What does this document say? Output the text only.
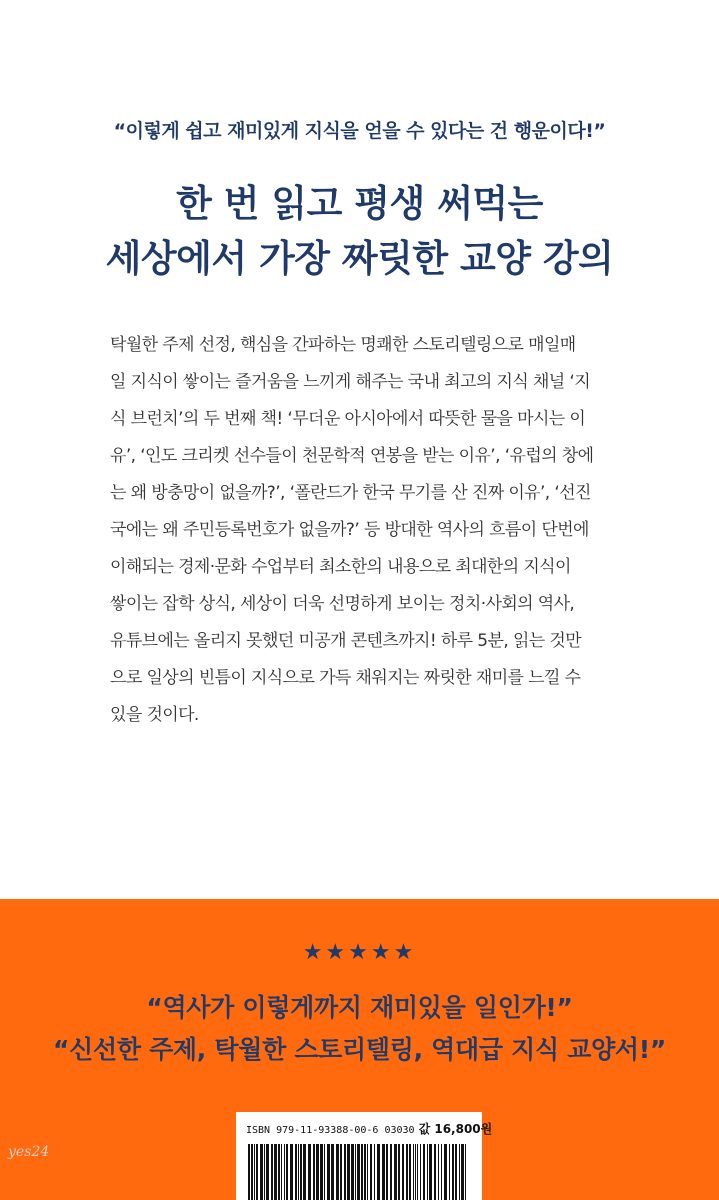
“이렇게 쉽고 재미있게 지식을 얻을 수 있다는 건 행운이다!”
한 번 읽고 평생 써먹는
세상에서 가장 짜릿한 교양 강의
탁월한 주제 선정, 핵심을 간파하는 명쾌한 스토리텔링으로 매일매
일 지식이 쌓이는 즐거움을 느끼게 해주는 국내 최고의 지식 채널 ‘지
식 브런치’의 두 번째 책! ‘무더운 아시아에서 따뜻한 물을 마시는 이
유’, ‘인도 크리켓 선수들이 천문학적 연봉을 받는 이유’, ‘유럽의 창에
는 왜 방충망이 없을까?’, ‘폴란드가 한국 무기를 산 진짜 이유’, ‘선진
국에는 왜 주민등록번호가 없을까?’ 등 방대한 역사의 흐름이 단번에
이해되는 경제·문화 수업부터 최소한의 내용으로 최대한의 지식이
쌓이는 잡학 상식, 세상이 더욱 선명하게 보이는 정치·사회의 역사,
유튜브에는 올리지 못했던 미공개 콘텐츠까지! 하루 5분, 읽는 것만
으로 일상의 빈틈이 지식으로 가득 채워지는 짜릿한 재미를 느낄 수
있을 것이다.
★★★★★
“역사가 이렇게까지 재미있을 일인가!”
“신선한 주제, 탁월한 스토리텔링, 역대급 지식 교양서!”
ISBN 979-11-93388-00-6 03030 값 16,800원
yes24
